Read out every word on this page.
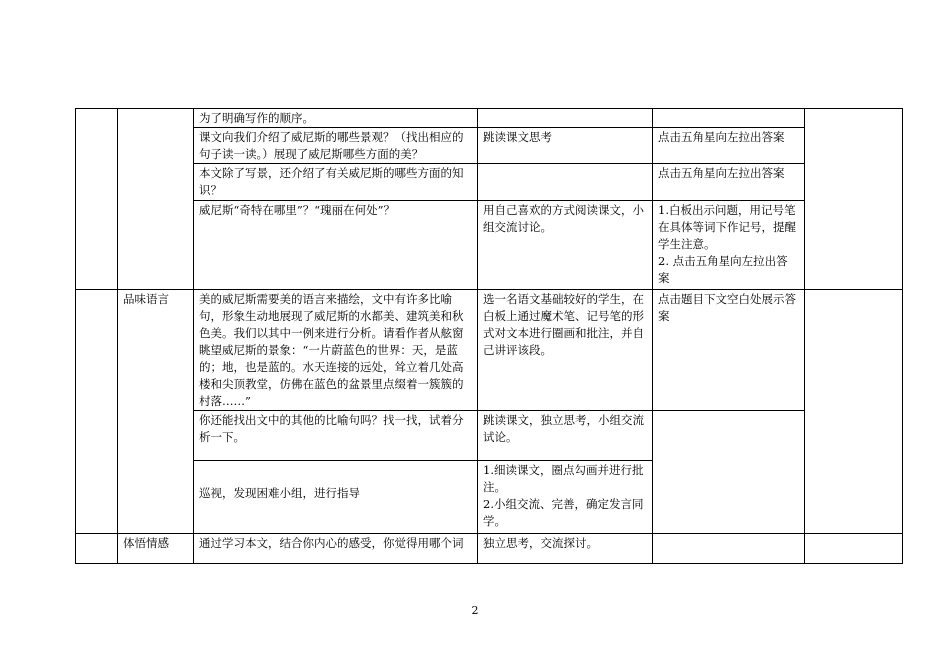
		为了明确写作的顺序。			
		课文向我们介绍了威尼斯的哪些景观？（找出相应的句子读一读。）展现了威尼斯哪些方面的美？	跳读课文思考	点击五角星向左拉出答案	
		本文除了写景，还介绍了有关威尼斯的哪些方面的知识？		点击五角星向左拉出答案	
		威尼斯“奇特在哪里”？“瑰丽在何处”？	用自己喜欢的方式阅读课文，小组交流讨论。	1.白板出示问题，用记号笔在具体等词下作记号，提醒学生注意。
2. 点击五角星向左拉出答案	

	品味语言	美的威尼斯需要美的语言来描绘，文中有许多比喻句，形象生动地展现了威尼斯的水都美、建筑美和秋色美。我们以其中一例来进行分析。请看作者从舷窗眺望威尼斯的景象：“一片蔚蓝色的世界：天，是蓝的；地，也是蓝的。水天连接的远处，耸立着几处高楼和尖顶教堂，仿佛在蓝色的盆景里点缀着一簇簇的村落……”	选一名语文基础较好的学生，在白板上通过魔术笔、记号笔的形式对文本进行圈画和批注，并自己讲评该段。	点击题目下文空白处展示答案	
		你还能找出文中的其他的比喻句吗？找一找，试着分析一下。	跳读课文，独立思考，小组交流试论。		
		巡视，发现困难小组，进行指导	1.细读课文，圈点勾画并进行批注。
2.小组交流、完善，确定发言同学。		

	体悟情感	通过学习本文，结合你内心的感受，你觉得用哪个词	独立思考，交流探讨。		
2
